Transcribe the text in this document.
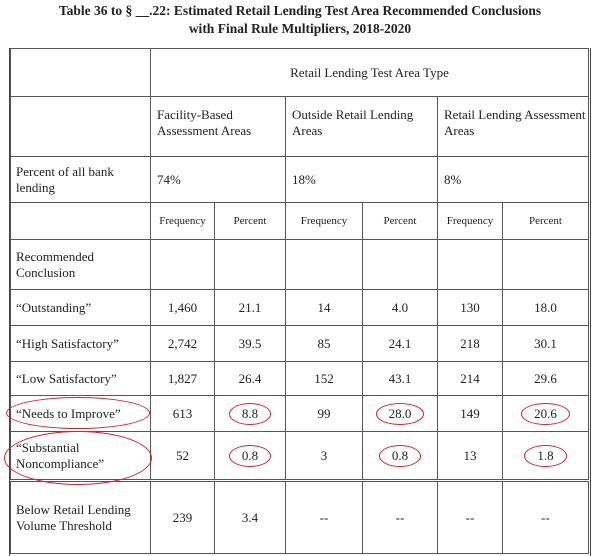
Table 36 to § __.22: Estimated Retail Lending Test Area Recommended Conclusions
with Final Rule Multipliers, 2018-2020
	Retail Lending Test Area Type					
	Facility-Based Assessment Areas		Outside Retail Lending Areas		Retail Lending Assessment Areas	
Percent of all bank lending	74%		18%		8%	
	Frequency	Percent	Frequency	Percent	Frequency	Percent
Recommended Conclusion						
“Outstanding”	1,460	21.1	14	4.0	130	18.0
“High Satisfactory”	2,742	39.5	85	24.1	218	30.1
“Low Satisfactory”	1,827	26.4	152	43.1	214	29.6
“Needs to Improve”	613	8.8	99	28.0	149	20.6
“Substantial Noncompliance”	52	0.8	3	0.8	13	1.8
Below Retail Lending Volume Threshold	239	3.4	--	--	--	--
